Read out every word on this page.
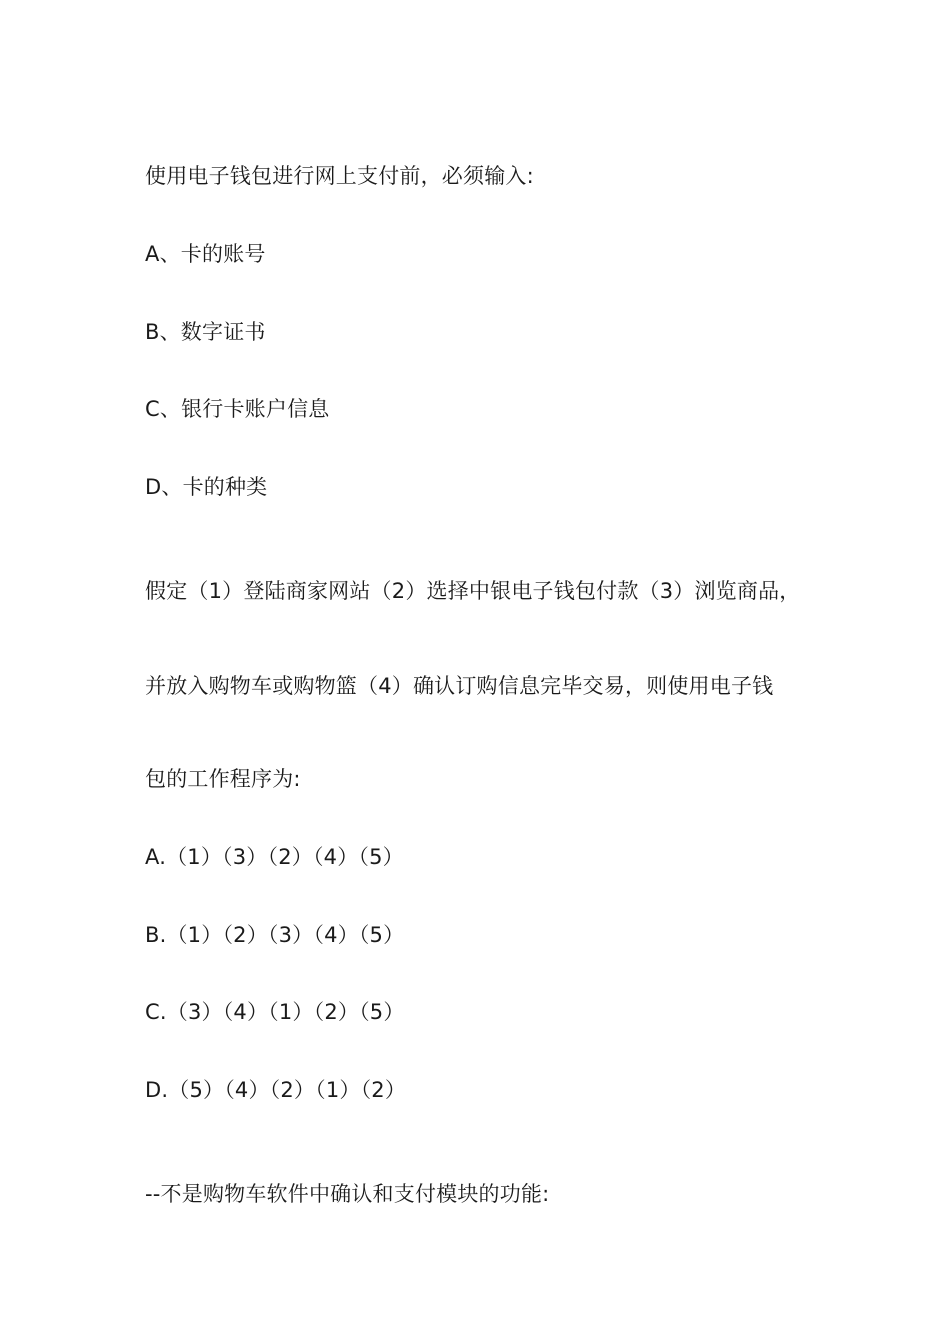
使用电子钱包进行网上支付前，必须输入:
A、卡的账号
B、数字证书
C、银行卡账户信息
D、卡的种类
假定（1）登陆商家网站（2）选择中银电子钱包付款（3）浏览商品，
并放入购物车或购物篮（4）确认订购信息完毕交易，则使用电子钱
包的工作程序为:
A.（1）（3）（2）（4）（5）
B.（1）（2）（3）（4）（5）
C.（3）（4）（1）（2）（5）
D.（5）（4）（2）（1）（2）
--不是购物车软件中确认和支付模块的功能:
